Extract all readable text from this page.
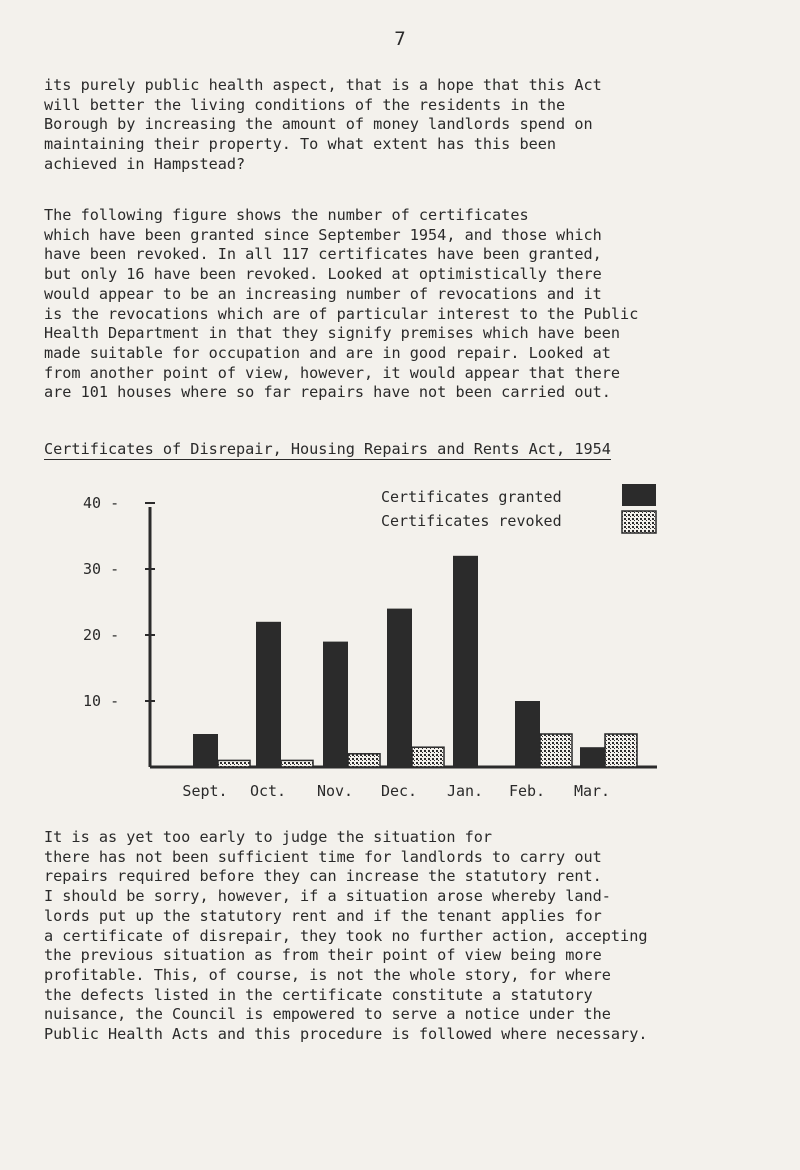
7

its purely public health aspect, that is a hope that this Act
will better the living conditions of the residents in the
Borough by increasing the amount of money landlords spend on
maintaining their property. To what extent has this been
achieved in Hampstead?

The following figure shows the number of certificates
which have been granted since September 1954, and those which
have been revoked. In all 117 certificates have been granted,
but only 16 have been revoked. Looked at optimistically there
would appear to be an increasing number of revocations and it
is the revocations which are of particular interest to the Public
Health Department in that they signify premises which have been
made suitable for occupation and are in good repair. Looked at
from another point of view, however, it would appear that there
are 101 houses where so far repairs have not been carried out.

Certificates of Disrepair, Housing Repairs and Rents Act, 1954
10 -
20 -
30 -
40 -
Sept. Oct. Nov. Dec. Jan. Feb. Mar.
Certificates granted
Certificates revoked

It is as yet too early to judge the situation for
there has not been sufficient time for landlords to carry out
repairs required before they can increase the statutory rent.
I should be sorry, however, if a situation arose whereby land-
lords put up the statutory rent and if the tenant applies for
a certificate of disrepair, they took no further action, accepting
the previous situation as from their point of view being more
profitable. This, of course, is not the whole story, for where
the defects listed in the certificate constitute a statutory
nuisance, the Council is empowered to serve a notice under the
Public Health Acts and this procedure is followed where necessary.
